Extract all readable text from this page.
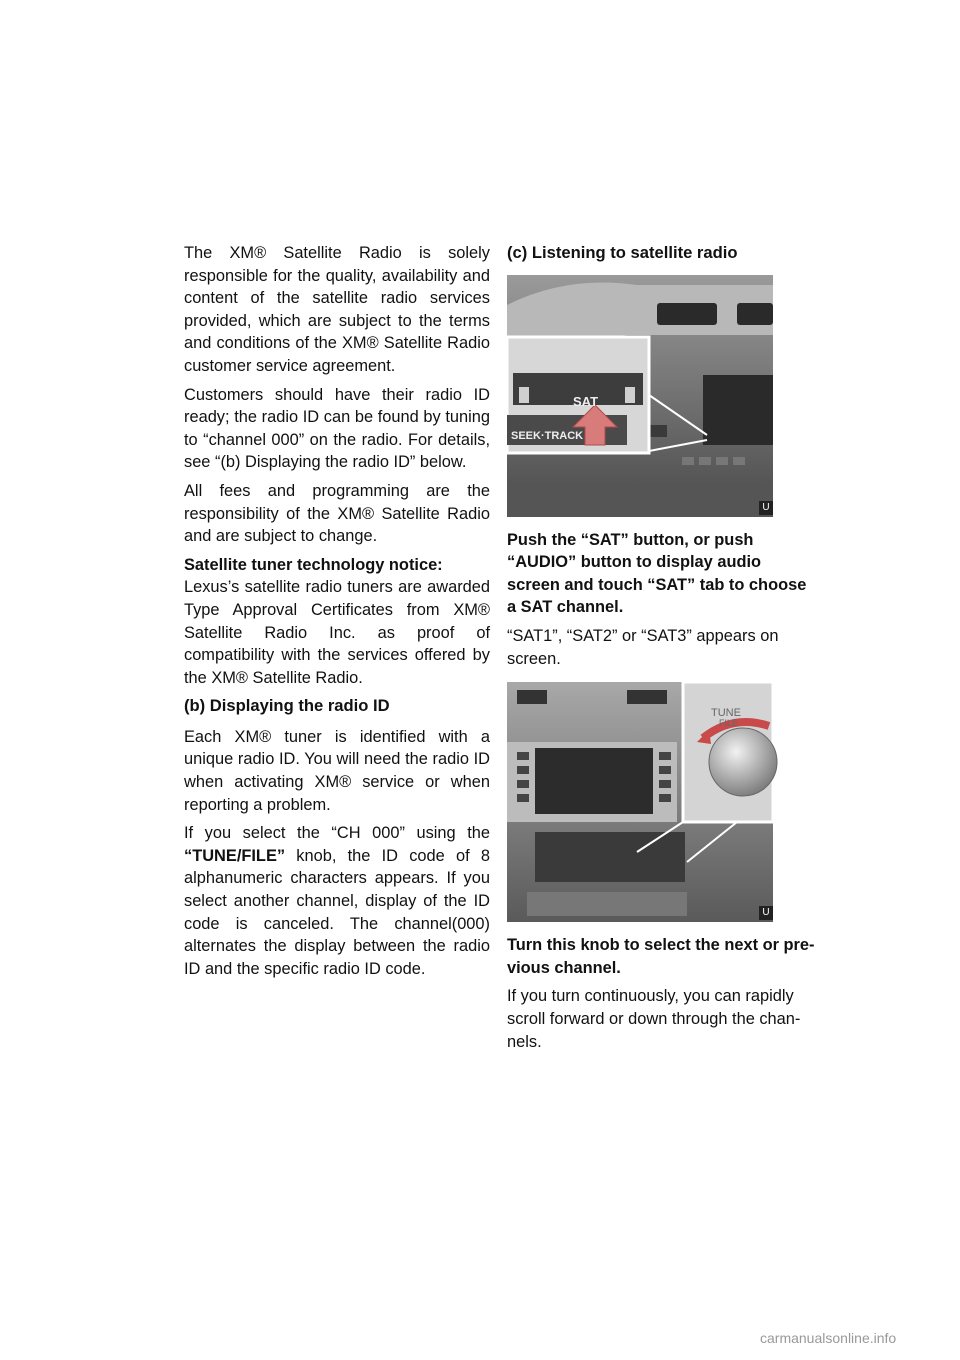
The XM® Satellite Radio is solely responsible for the quality, availability and content of the satellite radio services provided, which are subject to the terms and conditions of the XM® Satellite Radio customer service agreement.

Customers should have their radio ID ready; the radio ID can be found by tuning to “channel 000” on the radio. For details, see “(b) Displaying the radio ID” below.

All fees and programming are the responsibility of the XM® Satellite Radio and are subject to change.

Satellite tuner technology notice:

Lexus’s satellite radio tuners are awarded Type Approval Certificates from XM® Satellite Radio Inc. as proof of compatibility with the services offered by the XM® Satellite Radio.

(b) Displaying the radio ID

Each XM® tuner is identified with a unique radio ID. You will need the radio ID when activating XM® service or when reporting a problem.

If you select the “CH 000” using the “TUNE/FILE” knob, the ID code of 8 alphanumeric characters appears. If you select another channel, display of the ID code is canceled. The channel(000) alternates the display between the radio ID and the specific radio ID code.

(c) Listening to satellite radio
SAT
SEEK·TRACK
U

Push the “SAT” button, or push

“AUDIO” button to display audio

screen and touch “SAT” tab to choose

a SAT channel.

“SAT1”, “SAT2” or “SAT3” appears on

screen.

TUNE
FILE
U

Turn this knob to select the next or pre-

vious channel.

If you turn continuously, you can rapidly

scroll forward or down through the chan-

nels.

carmanualsonline.info
